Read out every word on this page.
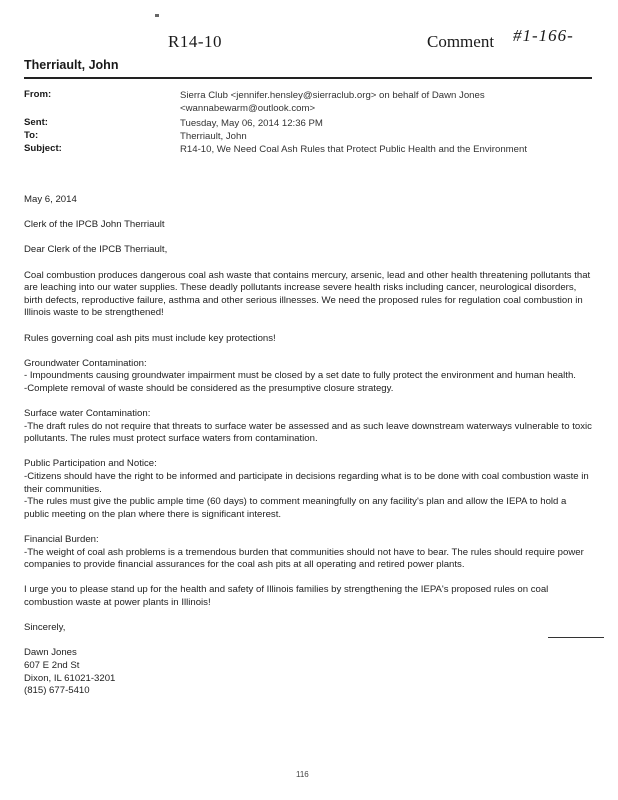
R14-10	Comment #1-166-
Therriault, John
From:	Sierra Club <jennifer.hensley@sierraclub.org> on behalf of Dawn Jones <wannabewarm@outlook.com>
Sent:	Tuesday, May 06, 2014 12:36 PM
To:	Therriault, John
Subject:	R14-10, We Need Coal Ash Rules that Protect Public Health and the Environment

May 6, 2014

Clerk of the IPCB John Therriault

Dear Clerk of the IPCB Therriault,

Coal combustion produces dangerous coal ash waste that contains mercury, arsenic, lead and other health threatening pollutants that are leaching into our water supplies. These deadly pollutants increase severe health risks including cancer, neurological disorders, birth defects, reproductive failure, asthma and other serious illnesses. We need the proposed rules for regulation coal combustion in Illinois waste to be strengthened!

Rules governing coal ash pits must include key protections!

Groundwater Contamination:
- Impoundments causing groundwater impairment must be closed by a set date to fully protect the environment and human health.
-Complete removal of waste should be considered as the presumptive closure strategy.

Surface water Contamination:
-The draft rules do not require that threats to surface water be assessed and as such leave downstream waterways vulnerable to toxic pollutants. The rules must protect surface waters from contamination.

Public Participation and Notice:
-Citizens should have the right to be informed and participate in decisions regarding what is to be done with coal combustion waste in their communities.
-The rules must give the public ample time (60 days) to comment meaningfully on any facility's plan and allow the IEPA to hold a public meeting on the plan where there is significant interest.

Financial Burden:
-The weight of coal ash problems is a tremendous burden that communities should not have to bear. The rules should require power companies to provide financial assurances for the coal ash pits at all operating and retired power plants.

I urge you to please stand up for the health and safety of Illinois families by strengthening the IEPA's proposed rules on coal combustion waste at power plants in Illinois!

Sincerely,

Dawn Jones
607 E 2nd St
Dixon, IL 61021-3201
(815) 677-5410

116
